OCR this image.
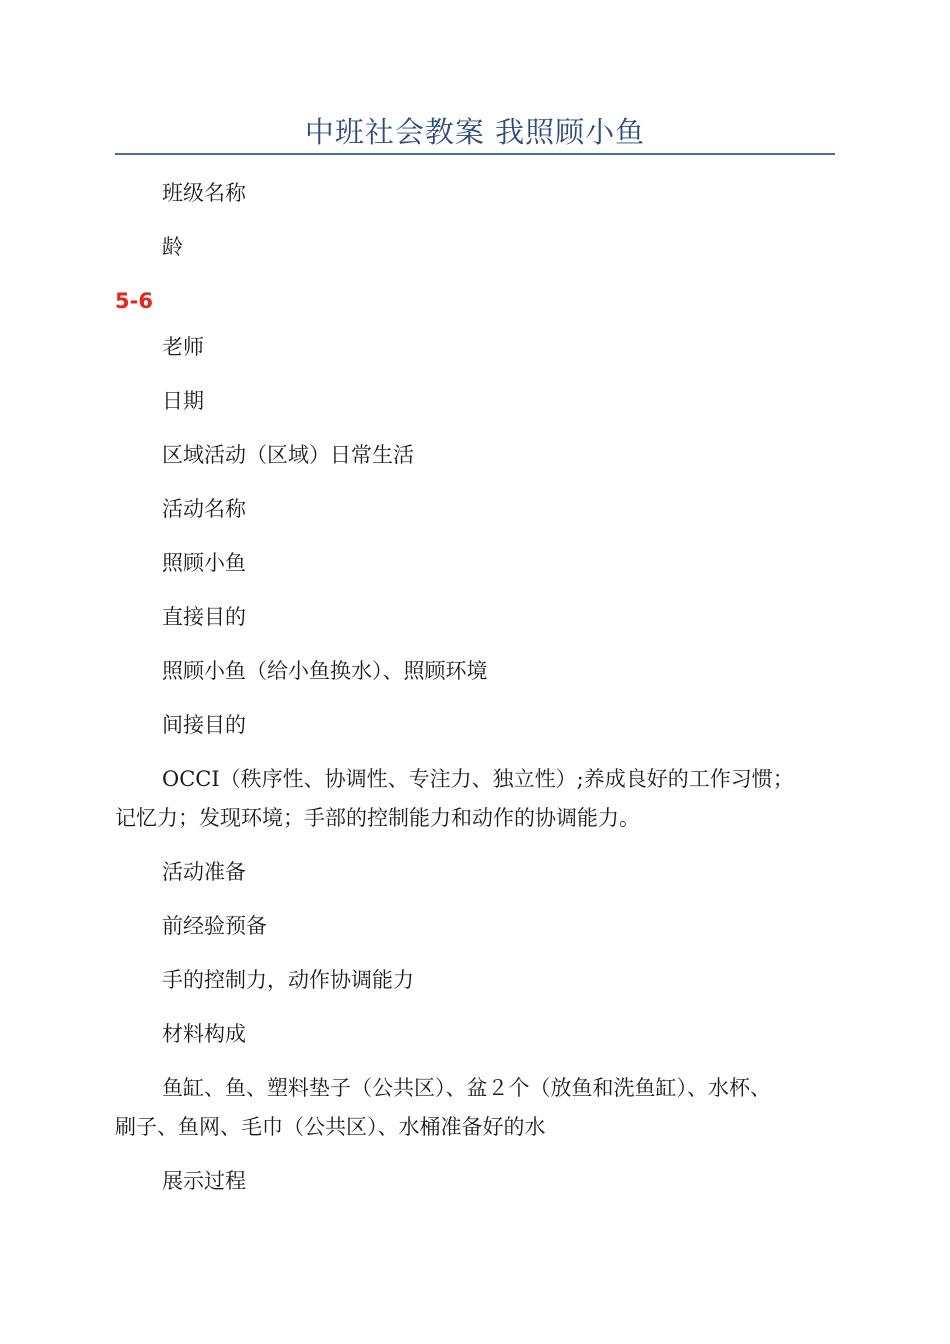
中班社会教案 我照顾小鱼
班级名称
龄
5-6
老师
日期
区域活动（区域）日常生活
活动名称
照顾小鱼
直接目的
照顾小鱼（给小鱼换水）、照顾环境
间接目的
OCCI（秩序性、协调性、专注力、独立性）;养成良好的工作习惯；
记忆力；发现环境；手部的控制能力和动作的协调能力。
活动准备
前经验预备
手的控制力，动作协调能力
材料构成
鱼缸、鱼、塑料垫子（公共区）、盆２个（放鱼和洗鱼缸）、水杯、
刷子、鱼网、毛巾（公共区）、水桶准备好的水
展示过程
